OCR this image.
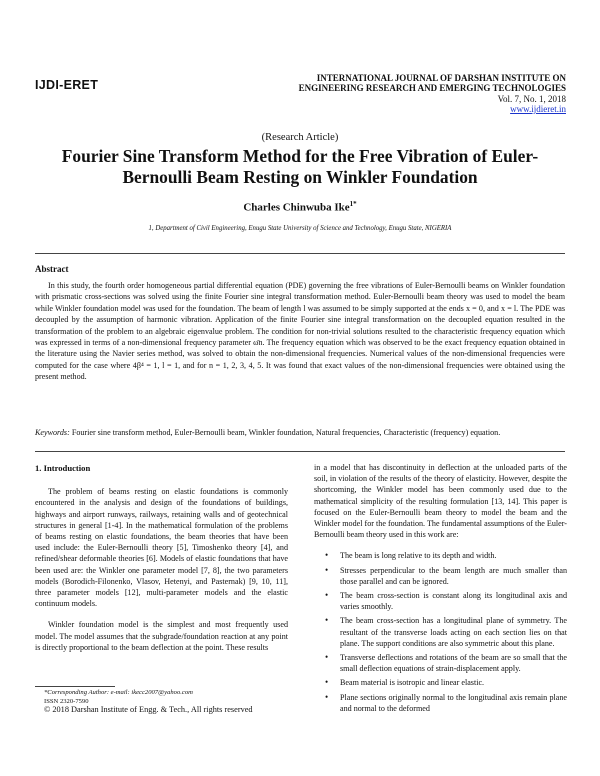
IJDI-ERET	INTERNATIONAL JOURNAL OF DARSHAN INSTITUTE ON
ENGINEERING RESEARCH AND EMERGING TECHNOLOGIES
Vol. 7, No. 1, 2018
www.ijdieret.in
(Research Article)
Fourier Sine Transform Method for the Free Vibration of Euler-Bernoulli Beam Resting on Winkler Foundation
Charles Chinwuba Ike$^{1*}$
1, Department of Civil Engineering, Enugu State University of Science and Technology, Enugu State, NIGERIA
Abstract
In this study, the fourth order homogeneous partial differential equation (PDE) governing the free vibrations of Euler-Bernoulli beams on Winkler foundation with prismatic cross-sections was solved using the finite Fourier sine integral transformation method. Euler-Bernoulli beam theory was used to model the beam while Winkler foundation model was used for the foundation. The beam of length l was assumed to be simply supported at the ends x = 0, and x = l. The PDE was decoupled by the assumption of harmonic vibration. Application of the finite Fourier sine integral transformation on the decoupled equation resulted in the transformation of the problem to an algebraic eigenvalue problem. The condition for non-trivial solutions resulted to the characteristic frequency equation which was expressed in terms of a non-dimensional frequency parameter ω̄n. The frequency equation which was observed to be the exact frequency equation obtained in the literature using the Navier series method, was solved to obtain the non-dimensional frequencies. Numerical values of the non-dimensional frequencies were computed for the case where 4β⁴ = 1, l = 1, and for n = 1, 2, 3, 4, 5. It was found that exact values of the non-dimensional frequencies were obtained using the present method.
Keywords: Fourier sine transform method, Euler-Bernoulli beam, Winkler foundation, Natural frequencies, Characteristic (frequency) equation.
1. Introduction

The problem of beams resting on elastic foundations is commonly encountered in the analysis and design of the foundations of buildings, highways and airport runways, railways, retaining walls and of geotechnical structures in general [1-4]. In the mathematical formulation of the problems of beams resting on elastic foundations, the beam theories that have been used include: the Euler-Bernoulli theory [5], Timoshenko theory [4], and refined/shear deformable theories [6]. Models of elastic foundations that have been used are: the Winkler one parameter model [7, 8], the two parameters models (Borodich-Filonenko, Vlasov, Hetenyi, and Pasternak) [9, 10, 11], three parameter models [12], multi-parameter models and the elastic continuum models.

Winkler foundation model is the simplest and most frequently used model. The model assumes that the subgrade/foundation reaction at any point is directly proportional to the beam deflection at the point. These results

in a model that has discontinuity in deflection at the unloaded parts of the soil, in violation of the results of the theory of elasticity. However, despite the shortcoming, the Winkler model has been commonly used due to the mathematical simplicity of the resulting formulation [13, 14]. This paper is focused on the Euler-Bernoulli beam theory to model the beam and the Winkler model for the foundation. The fundamental assumptions of the Euler-Bernoulli beam theory used in this work are:

• The beam is long relative to its depth and width.
• Stresses perpendicular to the beam length are much smaller than those parallel and can be ignored.
• The beam cross-section is constant along its longitudinal axis and varies smoothly.
• The beam cross-section has a longitudinal plane of symmetry. The resultant of the transverse loads acting on each section lies on that plane. The support conditions are also symmetric about this plane.
• Transverse deflections and rotations of the beam are so small that the small deflection equations of strain-displacement apply.
• Beam material is isotropic and linear elastic.
• Plane sections originally normal to the longitudinal axis remain plane and normal to the deformed
*Corresponding Author: e-mail: ikecc2007@yahoo.com
ISSN 2320-7590
© 2018 Darshan Institute of Engg. & Tech., All rights reserved
